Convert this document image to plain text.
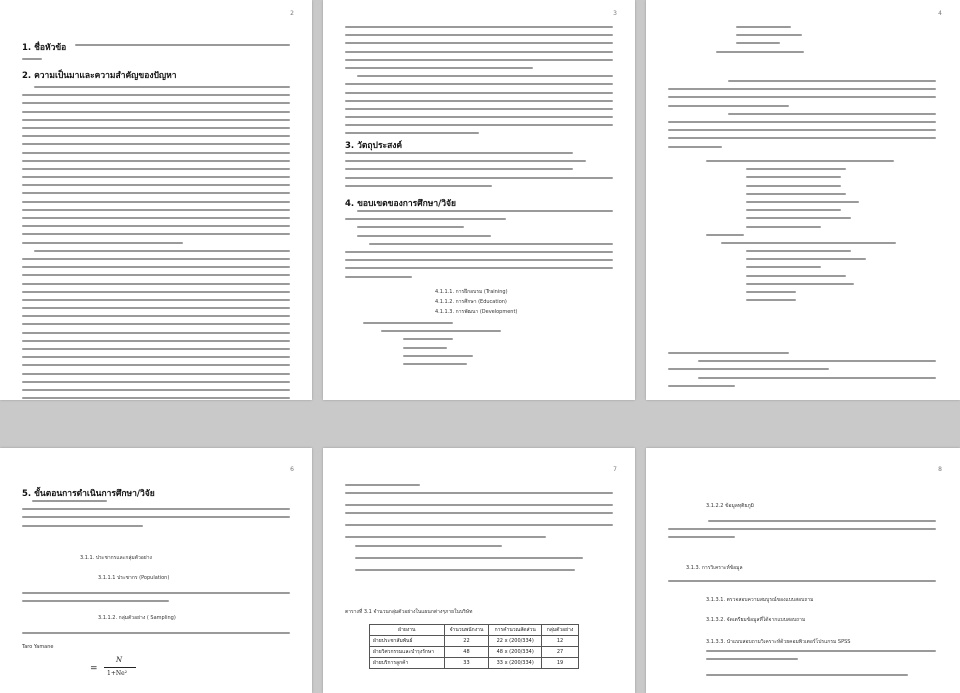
2
1. ชื่อหัวข้อ
2. ความเป็นมาและความสำคัญของปัญหา
3
3. วัตถุประสงค์
4. ขอบเขตของการศึกษา/วิจัย
4.1.1.1. การฝึกอบรม (Training)
4.1.1.2. การศึกษา (Education)
4.1.1.3. การพัฒนา (Development)
4
6
5. ขั้นตอนการดำเนินการศึกษา/วิจัย
3.1.1. ประชากรและกลุ่มตัวอย่าง
3.1.1.1 ประชากร (Population)
3.1.1.2. กลุ่มตัวอย่าง ( Sampling)
Taro Yamane
=
N
1+Ne²
7
ตารางที่ 3.1 จำนวนกลุ่มตัวอย่างในแผนกต่างๆภายในบริษัท
ฝ่ายงาน	จำนวนพนักงาน	การคำนวณสัดส่วน	กลุ่มตัวอย่าง
ฝ่ายประชาสัมพันธ์	22	22 x (200/334)	12
ฝ่ายวิศวกรรมและบำรุงรักษา	48	48 x (200/334)	27
ฝ่ายบริการลูกค้า	33	33 x (200/334)	19
8
3.1.2.2 ข้อมูลทุติยภูมิ
3.1.3. การวิเคราะห์ข้อมูล
3.1.3.1. ตรวจสอบความสมบูรณ์ของแบบสอบถาม
3.1.3.2. จัดเตรียมข้อมูลที่ได้จากแบบสอบถาม
3.1.3.3. นำแบบสอบถามวิเคราะห์ด้วยคอมพิวเตอร์โปรแกรม SPSS
